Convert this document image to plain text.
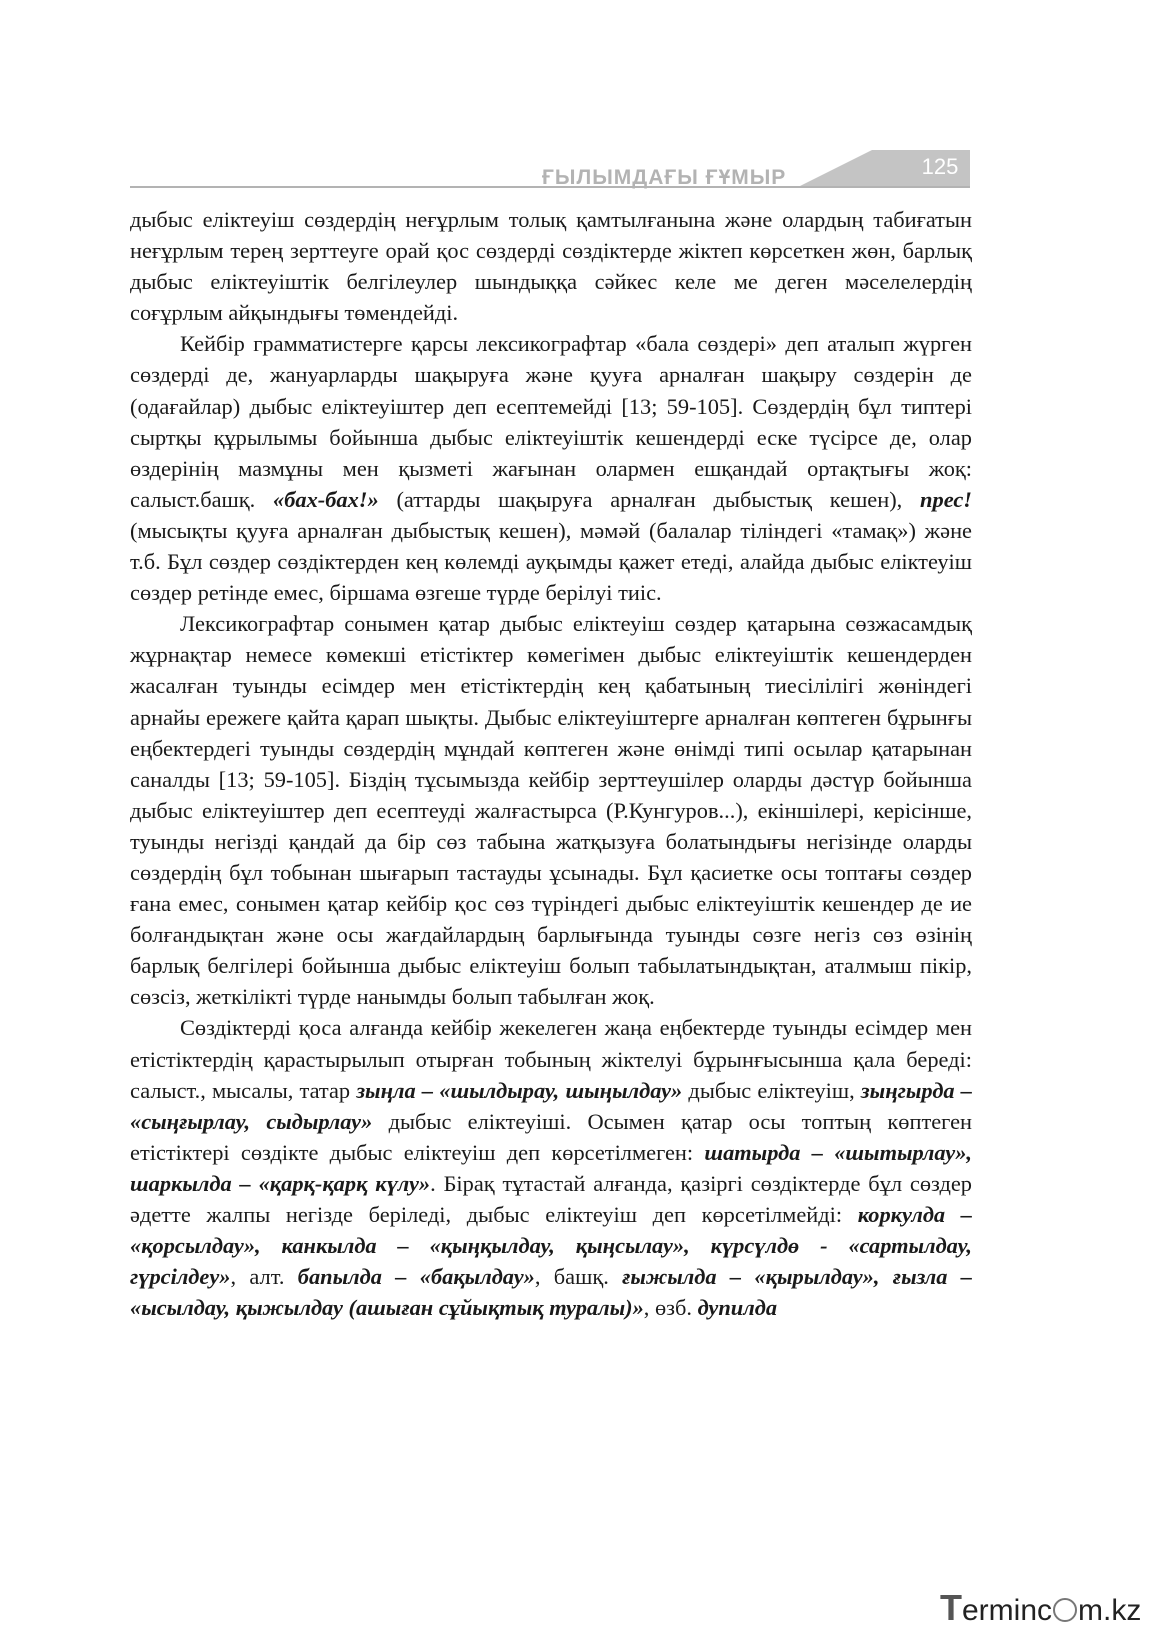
ҒЫЛЫМДАҒЫ ҒҰМЫР	125

дыбыс еліктеуіш сөздердің неғұрлым толық қамтылғанына және олардың табиғатын неғұрлым терең зерттеуге орай қос сөздерді сөздіктерде жіктеп көрсеткен жөн, барлық дыбыс еліктеуіштік белгілеулер шындыққа сәйкес келе ме деген мәселелердің соғұрлым айқындығы төмендейді.

Кейбір грамматистерге қарсы лексикографтар «бала сөздері» деп аталып жүрген сөздерді де, жануарларды шақыруға және қууға арналған шақыру сөздерін де (одағайлар) дыбыс еліктеуіштер деп есептемейді [13; 59-105]. Сөздердің бұл типтері сыртқы құрылымы бойынша дыбыс еліктеуіштік кешендерді еске түсірсе де, олар өздерінің мазмұны мен қызметі жағынан олармен ешқандай ортақтығы жоқ: салыст.башқ. «бах-бах!» (аттарды шақыруға арналған дыбыстық кешен), прес! (мысықты қууға арналған дыбыстық кешен), мәмәй (балалар тіліндегі «тамақ») және т.б. Бұл сөздер сөздіктерден кең көлемді ауқымды қажет етеді, алайда дыбыс еліктеуіш сөздер ретінде емес, біршама өзгеше түрде берілуі тиіс.

Лексикографтар сонымен қатар дыбыс еліктеуіш сөздер қатарына сөзжасамдық жұрнақтар немесе көмекші етістіктер көмегімен дыбыс еліктеуіштік кешендерден жасалған туынды есімдер мен етістіктердің кең қабатының тиесілілігі жөніндегі арнайы ережеге қайта қарап шықты. Дыбыс еліктеуіштерге арналған көптеген бұрынғы еңбектердегі туынды сөздердің мұндай көптеген және өнімді типі осылар қатарынан саналды [13; 59-105]. Біздің тұсымызда кейбір зерттеушілер оларды дәстүр бойынша дыбыс еліктеуіштер деп есептеуді жалғастырса (Р.Кунгуров...), екіншілері, керісінше, туынды негізді қандай да бір сөз табына жатқызуға болатындығы негізінде оларды сөздердің бұл тобынан шығарып тастауды ұсынады. Бұл қасиетке осы топтағы сөздер ғана емес, сонымен қатар кейбір қос сөз түріндегі дыбыс еліктеуіштік кешендер де ие болғандықтан және осы жағдайлардың барлығында туынды сөзге негіз сөз өзінің барлық белгілері бойынша дыбыс еліктеуіш болып табылатындықтан, аталмыш пікір, сөзсіз, жеткілікті түрде нанымды болып табылған жоқ.

Сөздіктерді қоса алғанда кейбір жекелеген жаңа еңбектерде туынды есімдер мен етістіктердің қарастырылып отырған тобының жіктелуі бұрынғысынша қала береді: салыст., мысалы, татар зыңла – «шылдырау, шыңылдау» дыбыс еліктеуіш, зыңгырда – «сыңғырлау, сыдырлау» дыбыс еліктеуіші. Осымен қатар осы топтың көптеген етістіктері сөздікте дыбыс еліктеуіш деп көрсетілмеген: шатырда – «шытырлау», шаркылда – «қарқ-қарқ күлу». Бірақ тұтастай алғанда, қазіргі сөздіктерде бұл сөздер әдетте жалпы негізде беріледі, дыбыс еліктеуіш деп көрсетілмейді: коркулда – «қорсылдау», канкылда – «қыңқылдау, қыңсылау», күрсүлдө - «сартылдау, гүрсілдеу», алт. бапылда – «бақылдау», башқ. ғыжылда – «қырылдау», ғызла – «ысылдау, қыжылдау (ашыған сұйықтық туралы)», өзб. дупилда

Terminc m.kz
